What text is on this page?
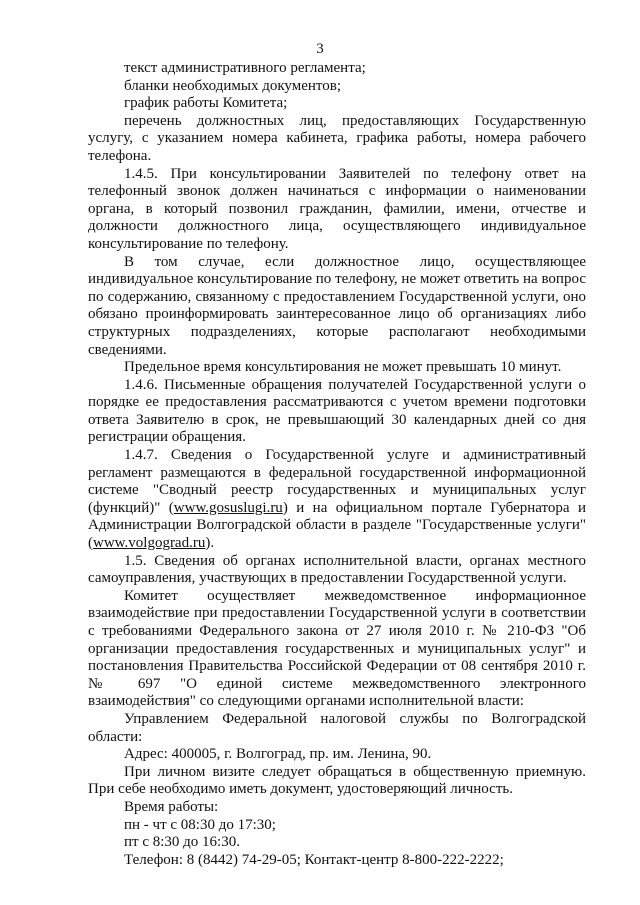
3

текст административного регламента;

бланки необходимых документов;

график работы Комитета;

перечень должностных лиц, предоставляющих Государственную услугу, с указанием номера кабинета, графика работы, номера рабочего телефона.

1.4.5. При консультировании Заявителей по телефону ответ на телефонный звонок должен начинаться с информации о наименовании органа, в который позвонил гражданин, фамилии, имени, отчестве и должности должностного лица, осуществляющего индивидуальное консультирование по телефону.

В том случае, если должностное лицо, осуществляющее индивидуальное консультирование по телефону, не может ответить на вопрос по содержанию, связанному с предоставлением Государственной услуги, оно обязано проинформировать заинтересованное лицо об организациях либо структурных подразделениях, которые располагают необходимыми сведениями.

Предельное время консультирования не может превышать 10 минут.

1.4.6. Письменные обращения получателей Государственной услуги о порядке ее предоставления рассматриваются с учетом времени подготовки ответа Заявителю в срок, не превышающий 30 календарных дней со дня регистрации обращения.

1.4.7. Сведения о Государственной услуге и административный регламент размещаются в федеральной государственной информационной системе "Сводный реестр государственных и муниципальных услуг (функций)" (www.gosuslugi.ru) и на официальном портале Губернатора и Администрации Волгоградской области в разделе "Государственные услуги" (www.volgograd.ru).

1.5. Сведения об органах исполнительной власти, органах местного самоуправления, участвующих в предоставлении Государственной услуги.

Комитет осуществляет межведомственное информационное взаимодействие при предоставлении Государственной услуги в соответствии с требованиями Федерального закона от 27 июля 2010 г. № 210-ФЗ "Об организации предоставления государственных и муниципальных услуг" и постановления Правительства Российской Федерации от 08 сентября 2010 г. № 697 "О единой системе межведомственного электронного взаимодействия" со следующими органами исполнительной власти:

Управлением Федеральной налоговой службы по Волгоградской области:

Адрес: 400005, г. Волгоград, пр. им. Ленина, 90.

При личном визите следует обращаться в общественную приемную. При себе необходимо иметь документ, удостоверяющий личность.

Время работы:

пн - чт с 08:30 до 17:30;

пт с 8:30 до 16:30.

Телефон: 8 (8442) 74-29-05; Контакт-центр 8-800-222-2222;
